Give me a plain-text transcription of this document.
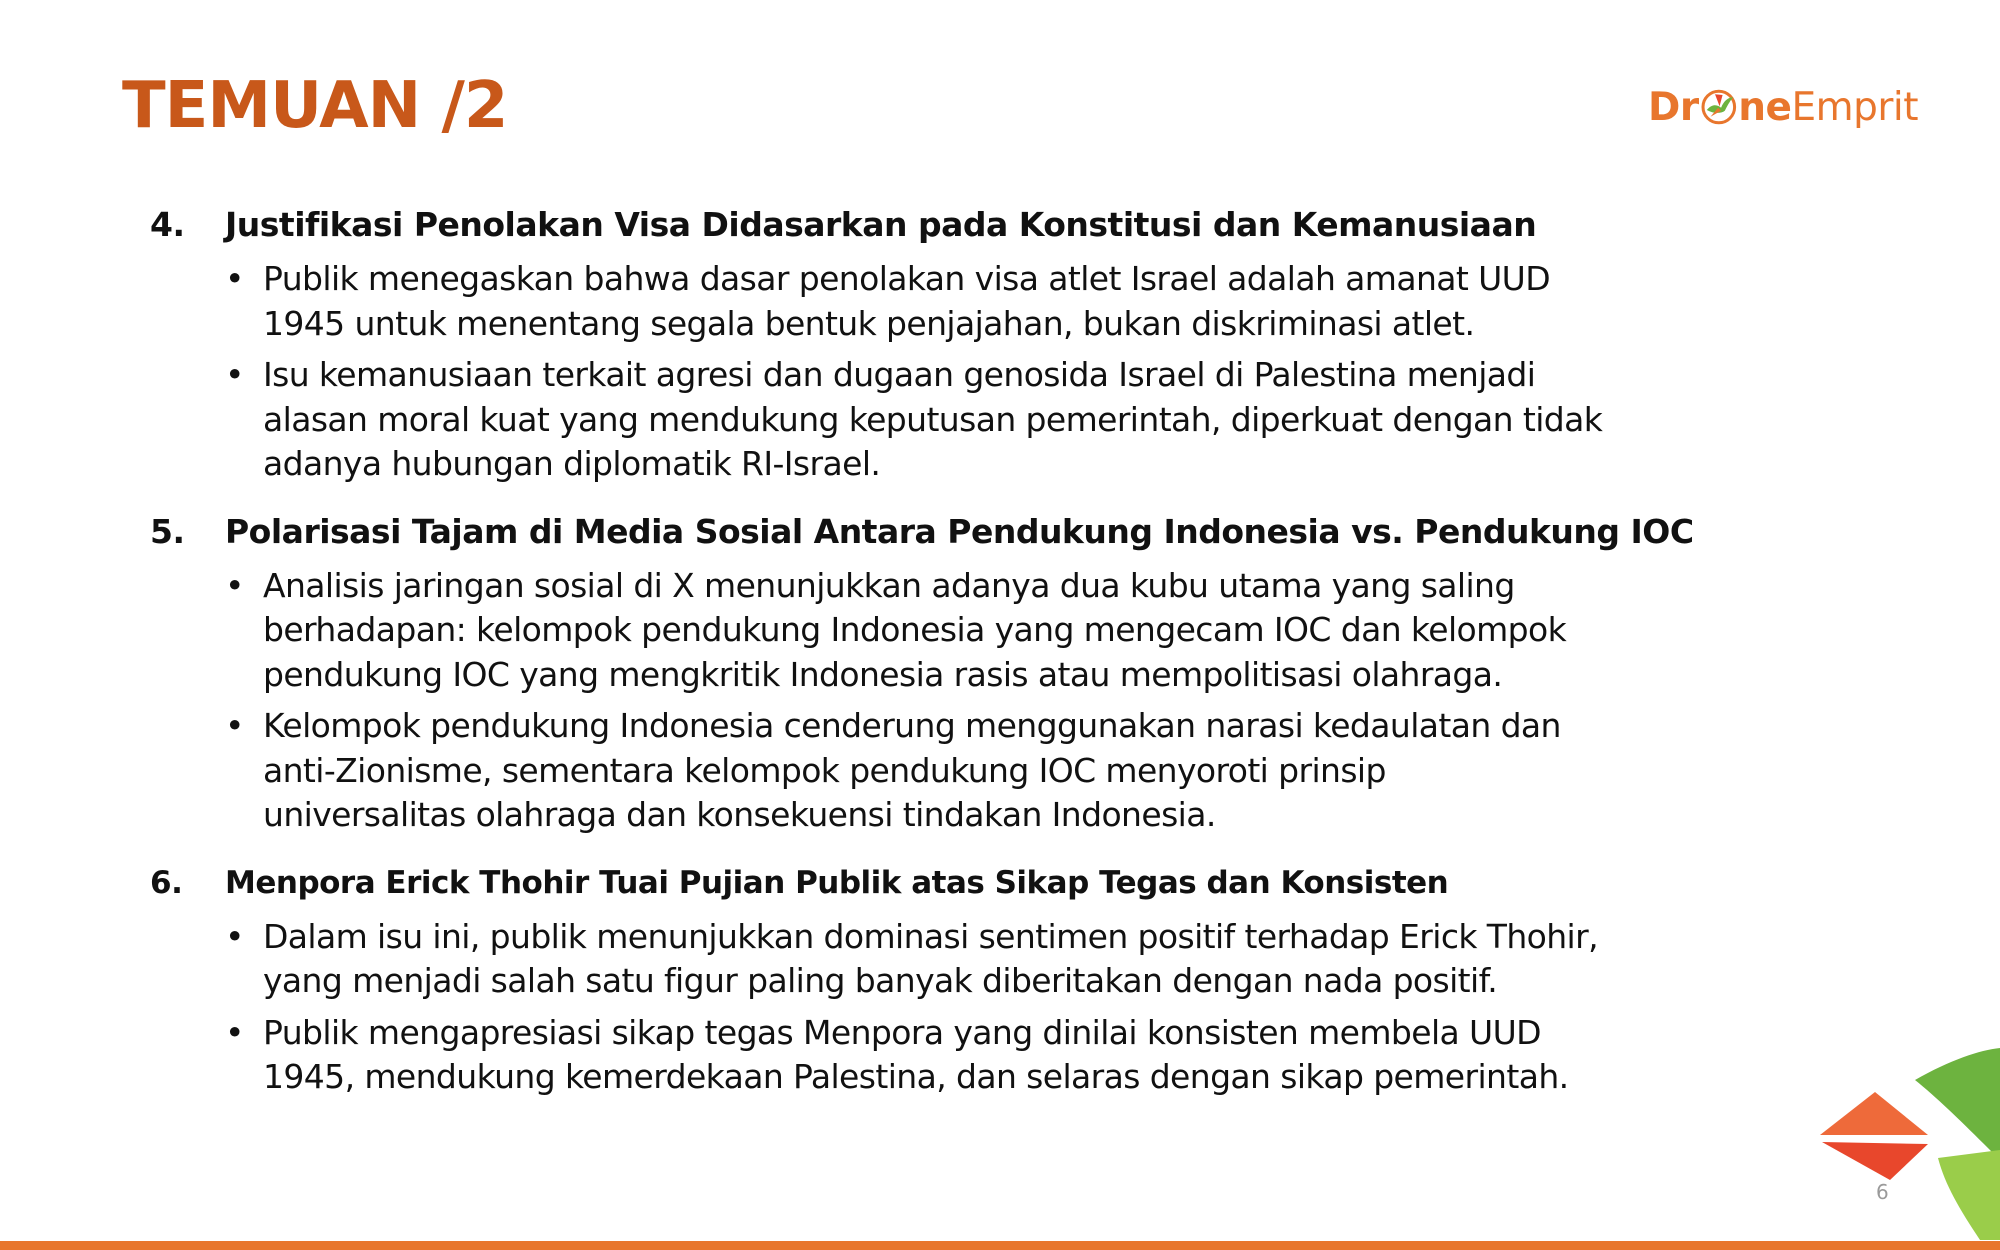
TEMUAN /2	Dr ne Emprit
4.	Justifikasi Penolakan Visa Didasarkan pada Konstitusi dan Kemanusiaan
• Publik menegaskan bahwa dasar penolakan visa atlet Israel adalah amanat UUD
1945 untuk menentang segala bentuk penjajahan, bukan diskriminasi atlet.
• Isu kemanusiaan terkait agresi dan dugaan genosida Israel di Palestina menjadi
alasan moral kuat yang mendukung keputusan pemerintah, diperkuat dengan tidak
adanya hubungan diplomatik RI-Israel.
5.	Polarisasi Tajam di Media Sosial Antara Pendukung Indonesia vs. Pendukung IOC
• Analisis jaringan sosial di X menunjukkan adanya dua kubu utama yang saling
berhadapan: kelompok pendukung Indonesia yang mengecam IOC dan kelompok
pendukung IOC yang mengkritik Indonesia rasis atau mempolitisasi olahraga.
• Kelompok pendukung Indonesia cenderung menggunakan narasi kedaulatan dan
anti-Zionisme, sementara kelompok pendukung IOC menyoroti prinsip
universalitas olahraga dan konsekuensi tindakan Indonesia.
6.	Menpora Erick Thohir Tuai Pujian Publik atas Sikap Tegas dan Konsisten
• Dalam isu ini, publik menunjukkan dominasi sentimen positif terhadap Erick Thohir,
yang menjadi salah satu figur paling banyak diberitakan dengan nada positif.
• Publik mengapresiasi sikap tegas Menpora yang dinilai konsisten membela UUD
1945, mendukung kemerdekaan Palestina, dan selaras dengan sikap pemerintah.
6
